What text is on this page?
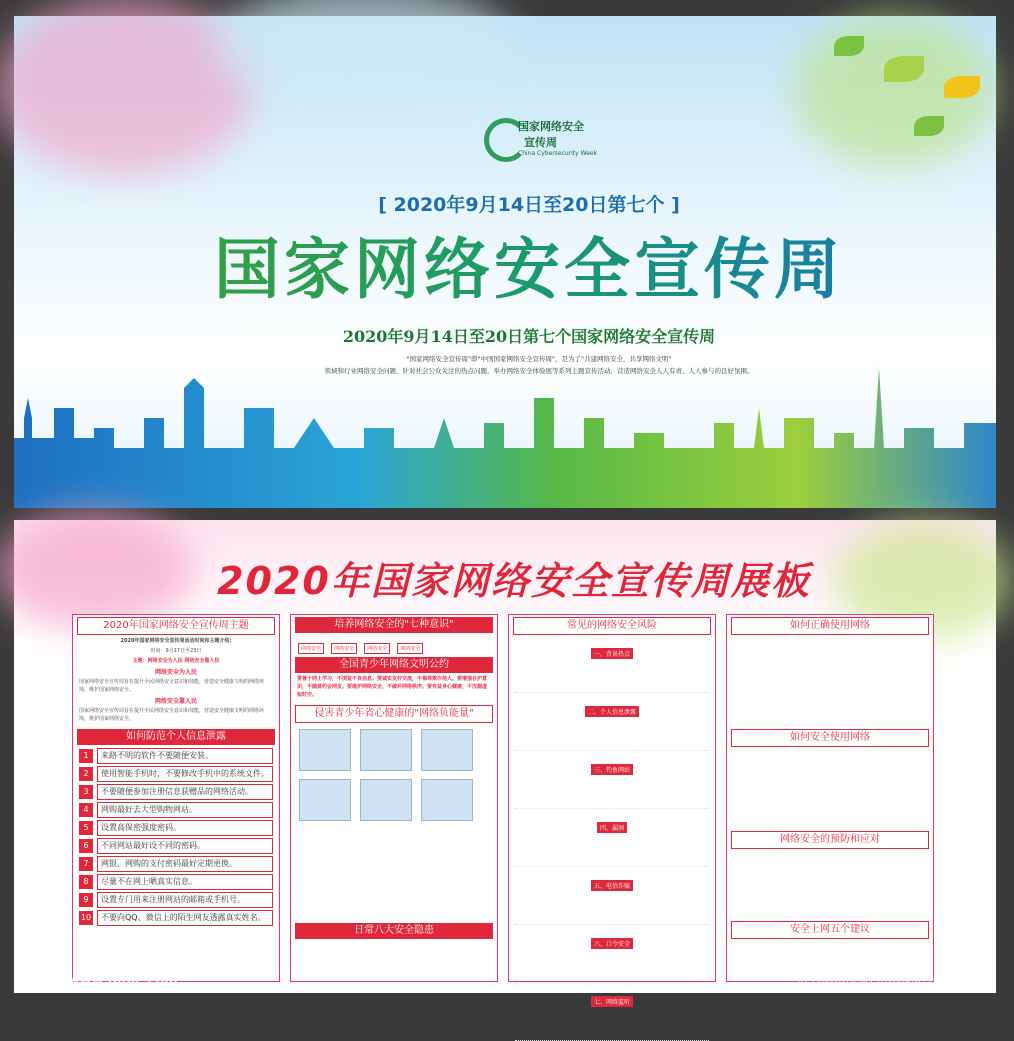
国家网络安全
宣传周
China Cybersecurity Week
[ 2020年9月14日至20日第七个 ]
国家网络安全宣传周
2020年9月14日至20日第七个国家网络安全宣传周
"国家网络安全宣传周"即"中国国家网络安全宣传周"，是为了"共建网络安全，共享网络文明"
领域和行业网络安全问题，针对社会公众关注的热点问题，举办网络安全体验展等系列主题宣传活动，营造网络安全人人有责、人人参与的良好氛围。
2020年国家网络安全宣传周展板
2020年国家网络安全宣传周主题
2020年国家网络安全宣传周活动时间和主题介绍:
时间：9月17日至23日
主题：网络安全为人民 网络安全靠人民
网络安全为人民
国家网络安全宣传周旨在提升全民网络安全意识和技能，营造安全健康文明的网络环境，维护国家网络安全。
网络安全靠人民
国家网络安全宣传周旨在提升全民网络安全意识和技能，营造安全健康文明的网络环境，维护国家网络安全。
如何防范个人信息泄露
1	来路不明的软件不要随便安装。
2	使用智能手机时，不要修改手机中的系统文件。
3	不要随便参加注册信息获赠品的网络活动。
4	网购最好去大型购物网站。
5	设置高保密强度密码。
6	不同网站最好设不同的密码。
7	网银、网购的支付密码最好定期更换。
8	尽量不在网上晒真实信息。
9	设置专门用来注册网站的邮箱或手机号。
10	不要向QQ、微信上的陌生网友透露真实姓名。
培养网络安全的"七种意识"
网络安全	网络安全	网络安全	网络安全
全国青少年网络文明公约
要善于网上学习，不浏览不良信息。要诚实友好交流，不侮辱欺诈他人。要增强自护意识，不随意约会网友。要维护网络安全，不破坏网络秩序。要有益身心健康，不沉溺虚拟时空。
侵害青少年省心健康的"网络负能量"

日常八大安全隐患
常见的网络安全风险
一、背景热点
二、个人信息泄露
三、钓鱼网站
四、漏洞
五、电信诈骗
六、口令安全
七、网络监听
如何正确使用网络
如何安全使用网络
网络安全的预防和应对
安全上网五个建议
昵图网 www.nipic.com	ID:27682014 NO:20200914215252683000
